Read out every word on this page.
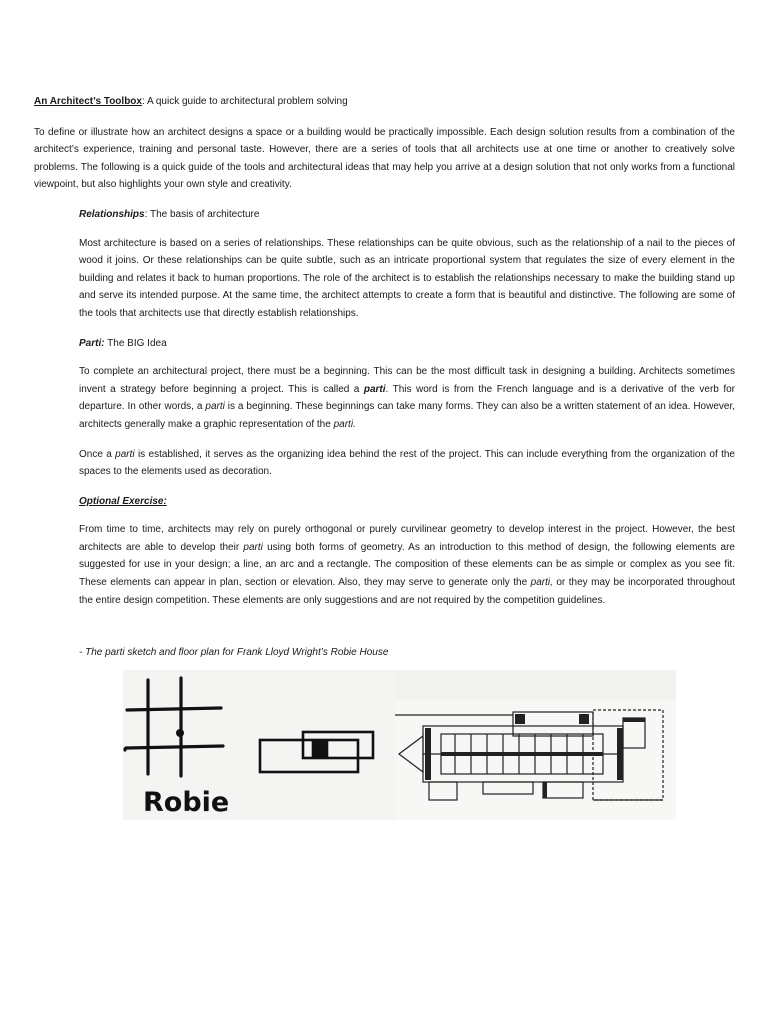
An Architect’s Toolbox: A quick guide to architectural problem solving

To define or illustrate how an architect designs a space or a building would be practically impossible. Each design solution results from a combination of the architect’s experience, training and personal taste. However, there are a series of tools that all architects use at one time or another to creatively solve problems. The following is a quick guide of the tools and architectural ideas that may help you arrive at a design solution that not only works from a functional viewpoint, but also highlights your own style and creativity.

Relationships: The basis of architecture

Most architecture is based on a series of relationships. These relationships can be quite obvious, such as the relationship of a nail to the pieces of wood it joins. Or these relationships can be quite subtle, such as an intricate proportional system that regulates the size of every element in the building and relates it back to human proportions. The role of the architect is to establish the relationships necessary to make the building stand up and serve its intended purpose. At the same time, the architect attempts to create a form that is beautiful and distinctive. The following are some of the tools that architects use that directly establish relationships.

Parti: The BIG Idea

To complete an architectural project, there must be a beginning. This can be the most difficult task in designing a building. Architects sometimes invent a strategy before beginning a project. This is called a parti. This word is from the French language and is a derivative of the verb for departure. In other words, a parti is a beginning. These beginnings can take many forms. They can also be a written statement of an idea. However, architects generally make a graphic representation of the parti.

Once a parti is established, it serves as the organizing idea behind the rest of the project. This can include everything from the organization of the spaces to the elements used as decoration.

Optional Exercise:

From time to time, architects may rely on purely orthogonal or purely curvilinear geometry to develop interest in the project. However, the best architects are able to develop their parti using both forms of geometry. As an introduction to this method of design, the following elements are suggested for use in your design; a line, an arc and a rectangle. The composition of these elements can be as simple or complex as you see fit. These elements can appear in plan, section or elevation. Also, they may serve to generate only the parti, or they may be incorporated throughout the entire design competition. These elements are only suggestions and are not required by the competition guidelines.

- The parti sketch and floor plan for Frank Lloyd Wright’s Robie House
Robie
